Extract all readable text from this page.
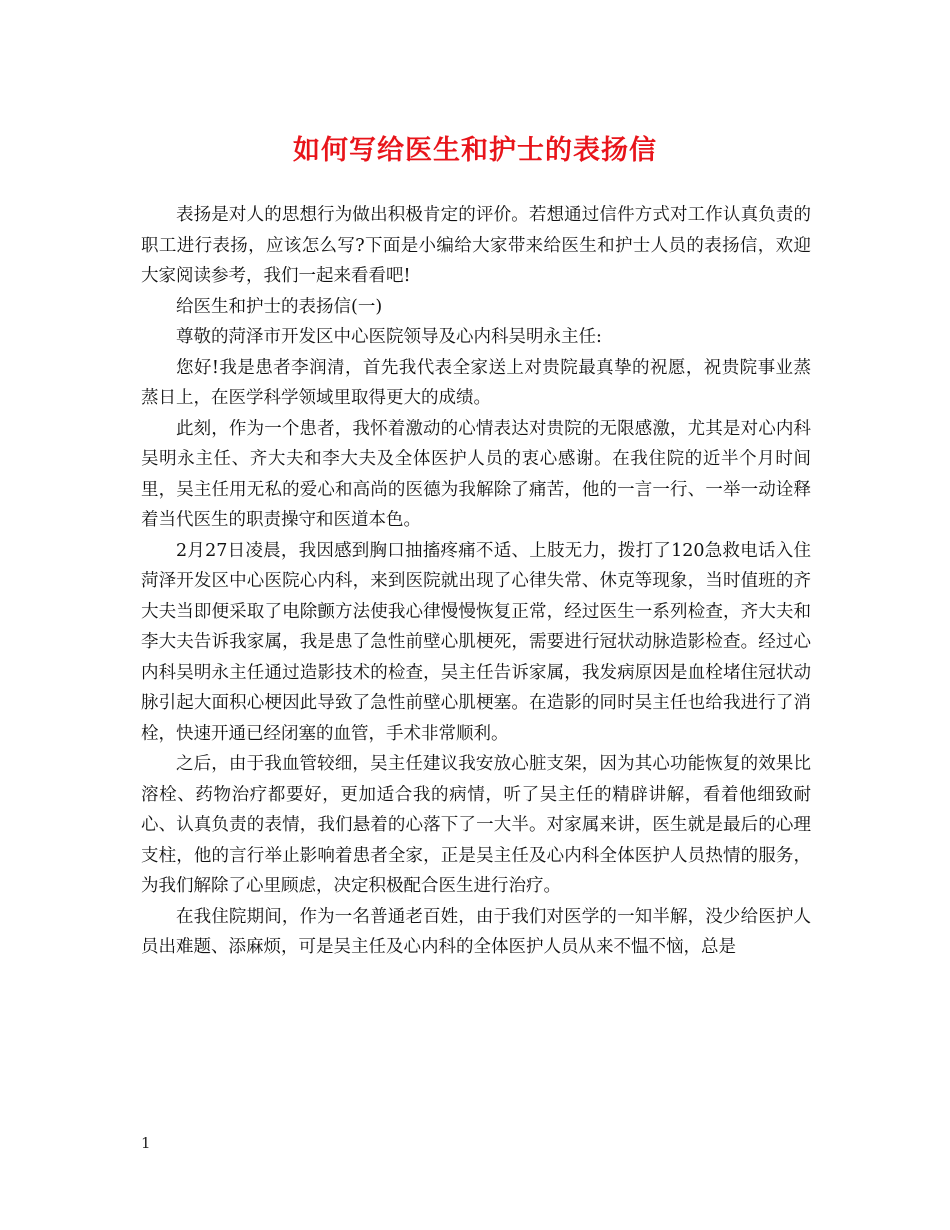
如何写给医生和护士的表扬信

表扬是对人的思想行为做出积极肯定的评价。若想通过信件方式对工作认真负责的职工进行表扬，应该怎么写?下面是小编给大家带来给医生和护士人员的表扬信，欢迎大家阅读参考，我们一起来看看吧!

给医生和护士的表扬信(一)

尊敬的菏泽市开发区中心医院领导及心内科吴明永主任:

您好!我是患者李润清，首先我代表全家送上对贵院最真挚的祝愿，祝贵院事业蒸蒸日上，在医学科学领域里取得更大的成绩。

此刻，作为一个患者，我怀着激动的心情表达对贵院的无限感激，尤其是对心内科吴明永主任、齐大夫和李大夫及全体医护人员的衷心感谢。在我住院的近半个月时间里，吴主任用无私的爱心和高尚的医德为我解除了痛苦，他的一言一行、一举一动诠释着当代医生的职责操守和医道本色。

2月27日凌晨，我因感到胸口抽搐疼痛不适、上肢无力，拨打了120急救电话入住菏泽开发区中心医院心内科，来到医院就出现了心律失常、休克等现象，当时值班的齐大夫当即便采取了电除颤方法使我心律慢慢恢复正常，经过医生一系列检查，齐大夫和李大夫告诉我家属，我是患了急性前壁心肌梗死，需要进行冠状动脉造影检查。经过心内科吴明永主任通过造影技术的检查，吴主任告诉家属，我发病原因是血栓堵住冠状动脉引起大面积心梗因此导致了急性前壁心肌梗塞。在造影的同时吴主任也给我进行了消栓，快速开通已经闭塞的血管，手术非常顺利。

之后，由于我血管较细，吴主任建议我安放心脏支架，因为其心功能恢复的效果比溶栓、药物治疗都要好，更加适合我的病情，听了吴主任的精辟讲解，看着他细致耐心、认真负责的表情，我们悬着的心落下了一大半。对家属来讲，医生就是最后的心理支柱，他的言行举止影响着患者全家，正是吴主任及心内科全体医护人员热情的服务，为我们解除了心里顾虑，决定积极配合医生进行治疗。

在我住院期间，作为一名普通老百姓，由于我们对医学的一知半解，没少给医护人员出难题、添麻烦，可是吴主任及心内科的全体医护人员从来不愠不恼，总是

1
